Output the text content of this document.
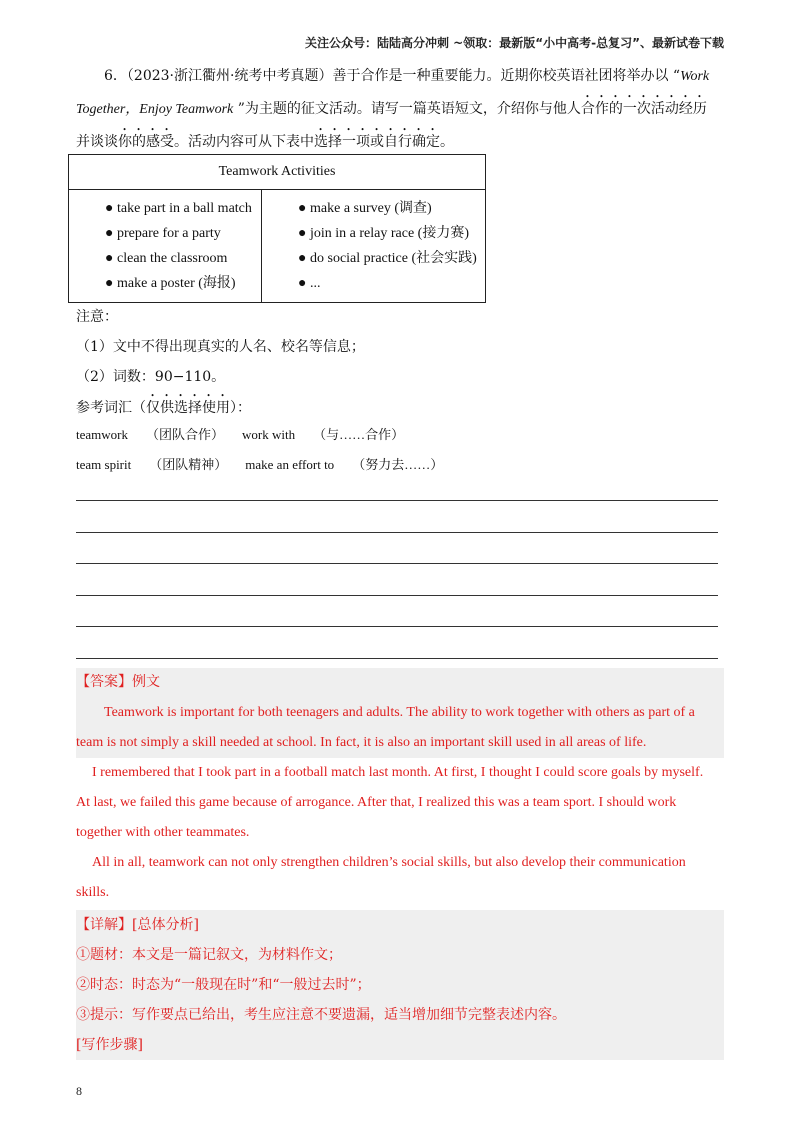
关注公众号：陆陆高分冲刺 ~领取：最新版“小中高考-总复习”、最新试卷下载
6．（2023·浙江衢州·统考中考真题）善于合作是一种重要能力。近期你校英语社团将举办以 “Work
Together，Enjoy Teamwork ”为主题的征文活动。请写一篇英语短文，介绍你与他人合作的一次活动经历
并谈谈你的感受。活动内容可从下表中选择一项或自行确定。
Teamwork Activities

● take part in a ball match
● prepare for a party
● clean the classroom
● make a poster (海报)

● make a survey (调查)
● join in a relay race (接力赛)
● do social practice (社会实践)
● ...
注意：
（1）文中不得出现真实的人名、校名等信息；
（2）词数：90−110。
参考词汇（仅供选择使用）：
teamwork （团队合作） work with （与……合作）
team spirit （团队精神） make an effort to （努力去……）
【答案】例文
Teamwork is important for both teenagers and adults. The ability to work together with others as part of a
team is not simply a skill needed at school. In fact, it is also an important skill used in all areas of life.
I remembered that I took part in a football match last month. At first, I thought I could score goals by myself.
At last, we failed this game because of arrogance. After that, I realized this was a team sport. I should work
together with other teammates.
All in all, teamwork can not only strengthen children’s social skills, but also develop their communication
skills.
【详解】[总体分析]
①题材：本文是一篇记叙文，为材料作文；
②时态：时态为“一般现在时”和“一般过去时”；
③提示：写作要点已给出，考生应注意不要遗漏，适当增加细节完整表述内容。
[写作步骤]
8
